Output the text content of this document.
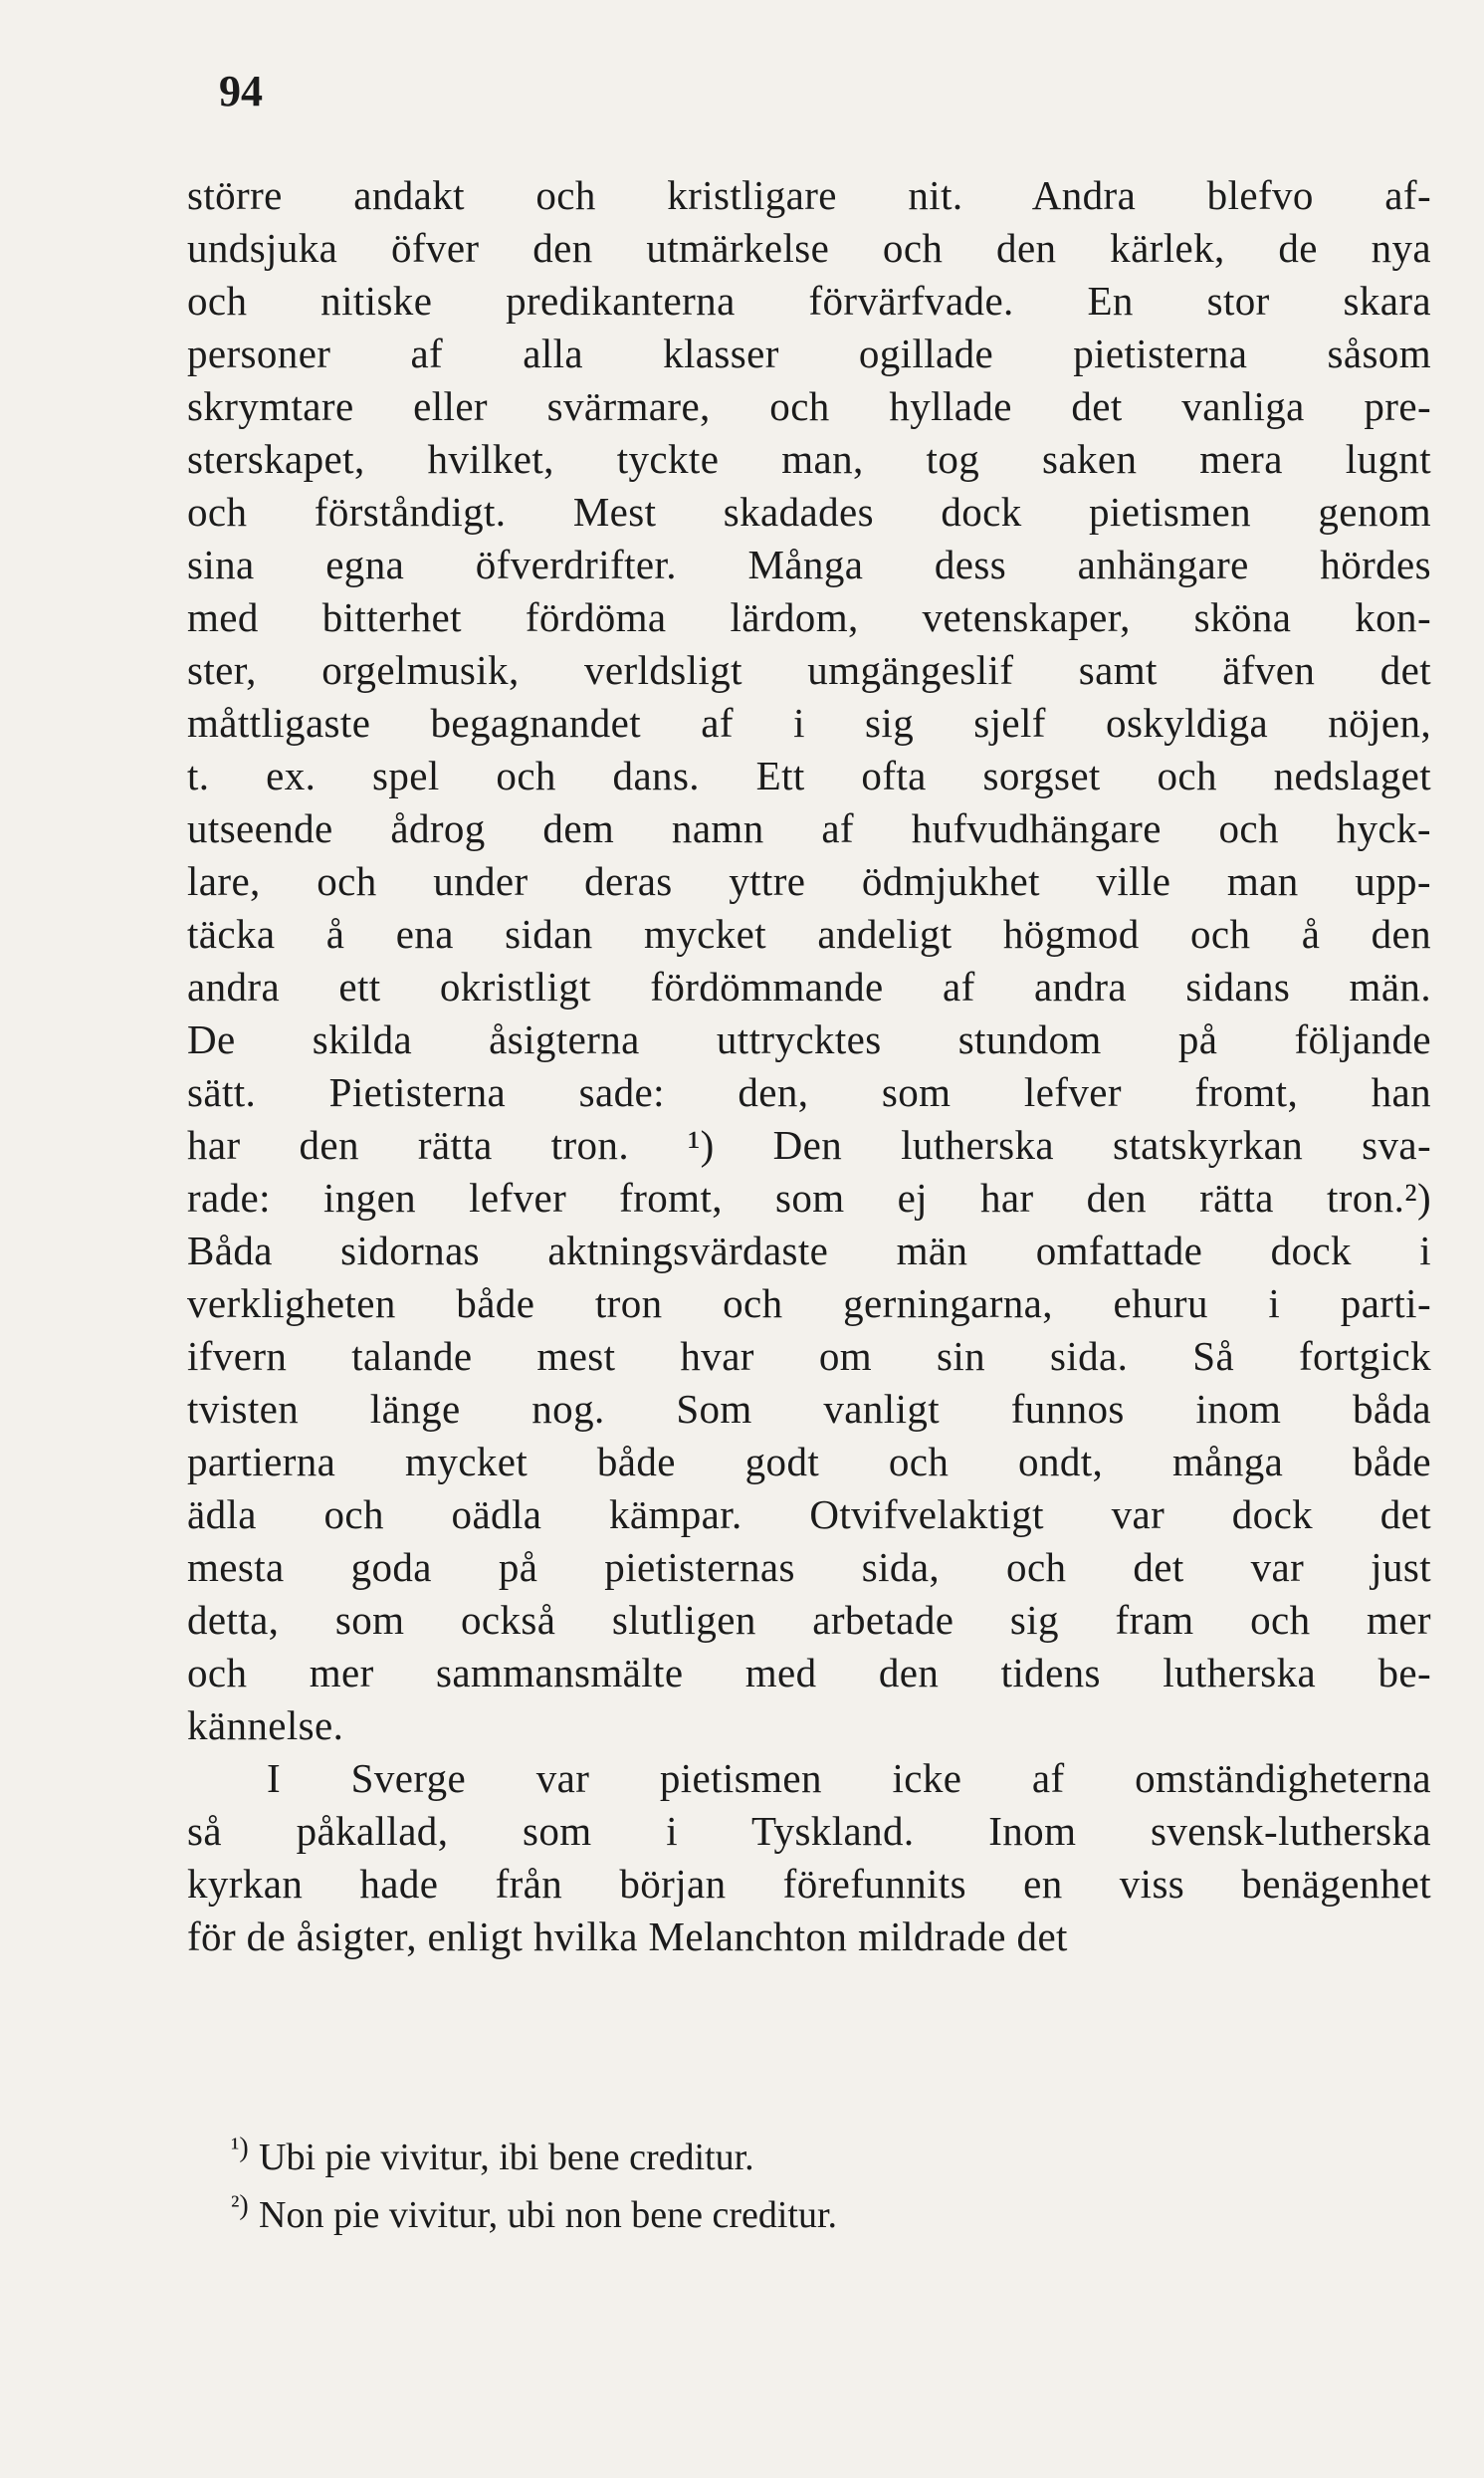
94
större andakt och kristligare nit. Andra blefvo af-
undsjuka öfver den utmärkelse och den kärlek, de nya
och nitiske predikanterna förvärfvade. En stor skara
personer af alla klasser ogillade pietisterna såsom
skrymtare eller svärmare, och hyllade det vanliga pre-
sterskapet, hvilket, tyckte man, tog saken mera lugnt
och förståndigt. Mest skadades dock pietismen genom
sina egna öfverdrifter. Många dess anhängare hördes
med bitterhet fördöma lärdom, vetenskaper, sköna kon-
ster, orgelmusik, verldsligt umgängeslif samt äfven det
måttligaste begagnandet af i sig sjelf oskyldiga nöjen,
t. ex. spel och dans. Ett ofta sorgset och nedslaget
utseende ådrog dem namn af hufvudhängare och hyck-
lare, och under deras yttre ödmjukhet ville man upp-
täcka å ena sidan mycket andeligt högmod och å den
andra ett okristligt fördömmande af andra sidans män.
De skilda åsigterna uttrycktes stundom på följande
sätt. Pietisterna sade: den, som lefver fromt, han
har den rätta tron. ¹) Den lutherska statskyrkan sva-
rade: ingen lefver fromt, som ej har den rätta tron.²)
Båda sidornas aktningsvärdaste män omfattade dock i
verkligheten både tron och gerningarna, ehuru i parti-
ifvern talande mest hvar om sin sida. Så fortgick
tvisten länge nog. Som vanligt funnos inom båda
partierna mycket både godt och ondt, många både
ädla och oädla kämpar. Otvifvelaktigt var dock det
mesta goda på pietisternas sida, och det var just
detta, som också slutligen arbetade sig fram och mer
och mer sammansmälte med den tidens lutherska be-
kännelse.
I Sverge var pietismen icke af omständigheterna
så påkallad, som i Tyskland. Inom svensk-lutherska
kyrkan hade från början förefunnits en viss benägenhet
för de åsigter, enligt hvilka Melanchton mildrade det
¹) Ubi pie vivitur, ibi bene creditur.
²) Non pie vivitur, ubi non bene creditur.
